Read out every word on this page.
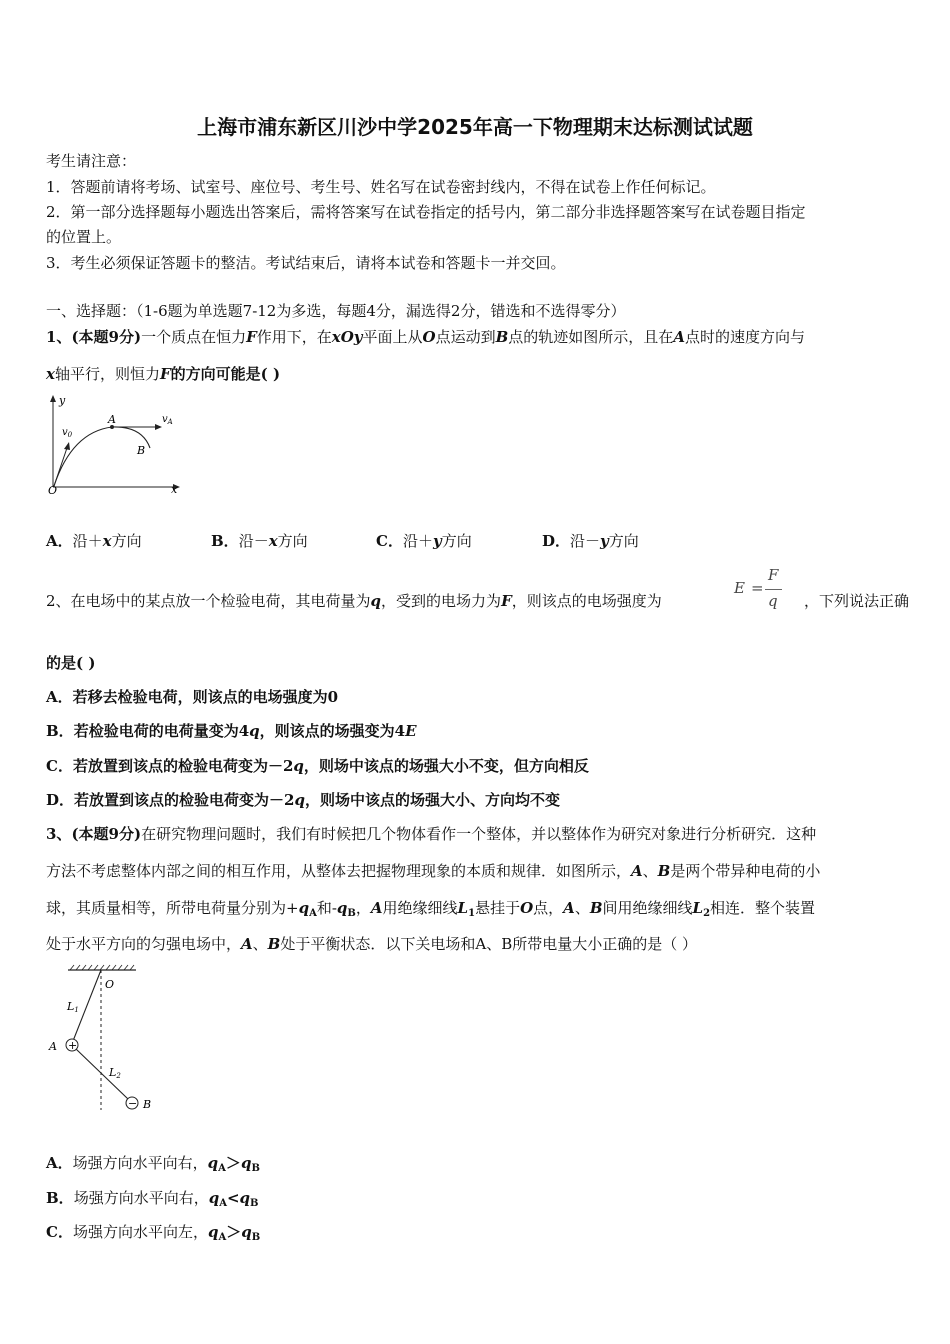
上海市浦东新区川沙中学2025年高一下物理期末达标测试试题
考生请注意：
1．答题前请将考场、试室号、座位号、考生号、姓名写在试卷密封线内，不得在试卷上作任何标记。
2．第一部分选择题每小题选出答案后，需将答案写在试卷指定的括号内，第二部分非选择题答案写在试卷题目指定
的位置上。
3．考生必须保证答题卡的整洁。考试结束后，请将本试卷和答题卡一并交回。
一、选择题：（1-6题为单选题7-12为多选，每题4分，漏选得2分，错选和不选得零分）
1、(本题9分)一个质点在恒力F作用下，在xOy平面上从O点运动到B点的轨迹如图所示，且在A点时的速度方向与
x轴平行，则恒力F的方向可能是( )
y
x
O
$v_0$
A	$v_A$
B
A．沿＋x方向	B．沿－x方向	C．沿＋y方向	D．沿－y方向
2、在电场中的某点放一个检验电荷，其电荷量为q，受到的电场力为F，则该点的电场强度为
E =
F
q ，下列说法正确
的是( )
A．若移去检验电荷，则该点的电场强度为0
B．若检验电荷的电荷量变为4q，则该点的场强变为4E
C．若放置到该点的检验电荷变为－2q，则场中该点的场强大小不变，但方向相反
D．若放置到该点的检验电荷变为－2q，则场中该点的场强大小、方向均不变
3、(本题9分)在研究物理问题时，我们有时候把几个物体看作一个整体，并以整体作为研究对象进行分析研究．这种
方法不考虑整体内部之间的相互作用，从整体去把握物理现象的本质和规律．如图所示，A、B是两个带异种电荷的小
球，其质量相等，所带电荷量分别为$+q_A$和$-q_B$，A用绝缘细线$L_1$悬挂于O点，A、B间用绝缘细线$L_2$相连．整个装置
处于水平方向的匀强电场中，A、B处于平衡状态．以下关电场和A、B所带电量大小正确的是（ ）
O
L1
+
A
L2
− B
A．场强方向水平向右，$q_A>q_B$
B．场强方向水平向右，$q_A<q_B$
C．场强方向水平向左，$q_A>q_B$
